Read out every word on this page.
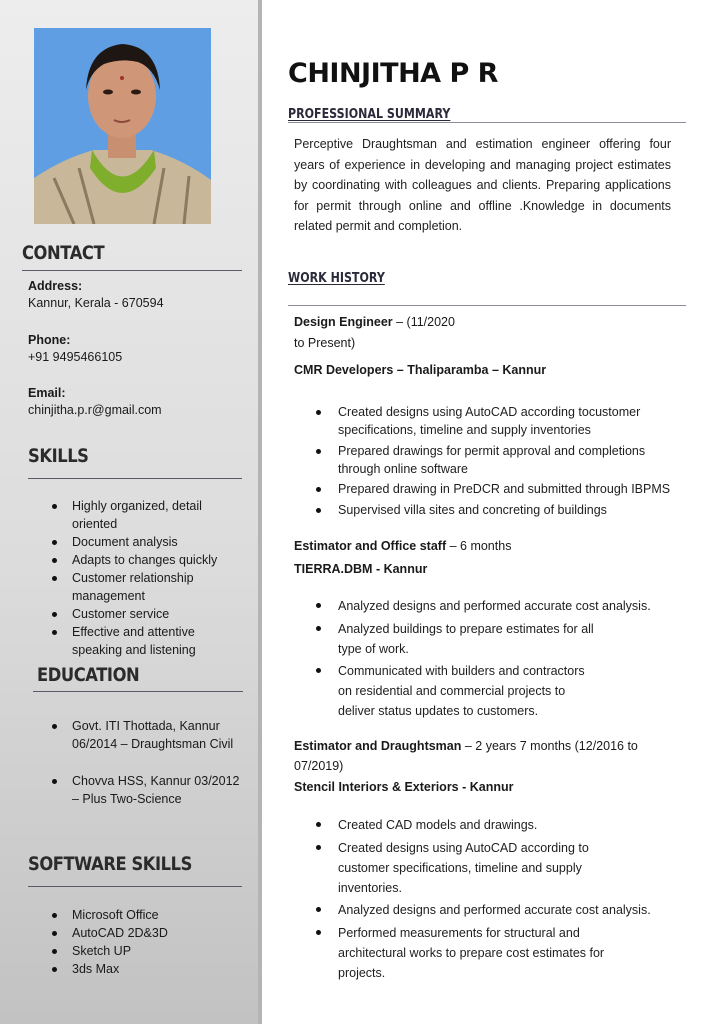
CONTACT
Address:
Kannur, Kerala - 670594
Phone:
+91 9495466105
Email:
chinjitha.p.r@gmail.com
SKILLS
Highly organized, detail oriented
Document analysis
Adapts to changes quickly
Customer relationship management
Customer service
Effective and attentive speaking and listening
EDUCATION
Govt. ITI Thottada, Kannur 06/2014 – Draughtsman Civil
Chovva HSS, Kannur 03/2012 – Plus Two-Science
SOFTWARE SKILLS
Microsoft Office
AutoCAD 2D&3D
Sketch UP
3ds Max
CHINJITHA P R
PROFESSIONAL SUMMARY
Perceptive Draughtsman and estimation engineer offering four years of experience in developing and managing project estimates by coordinating with colleagues and clients. Preparing applications for permit through online and offline .Knowledge in documents related permit and completion.
WORK HISTORY
Design Engineer – (11/2020
to Present)
CMR Developers – Thaliparamba – Kannur
Created designs using AutoCAD according tocustomer specifications, timeline and supply inventories
Prepared drawings for permit approval and completions through online software
Prepared drawing in PreDCR and submitted through IBPMS
Supervised villa sites and concreting of buildings
Estimator and Office staff – 6 months
TIERRA.DBM - Kannur
Analyzed designs and performed accurate cost analysis.
Analyzed buildings to prepare estimates for all type of work.
Communicated with builders and contractors on residential and commercial projects to deliver status updates to customers.
Estimator and Draughtsman – 2 years 7 months (12/2016 to
07/2019)
Stencil Interiors & Exteriors - Kannur
Created CAD models and drawings.
Created designs using AutoCAD according to customer specifications, timeline and supply inventories.
Analyzed designs and performed accurate cost analysis.
Performed measurements for structural and architectural works to prepare cost estimates for projects.
